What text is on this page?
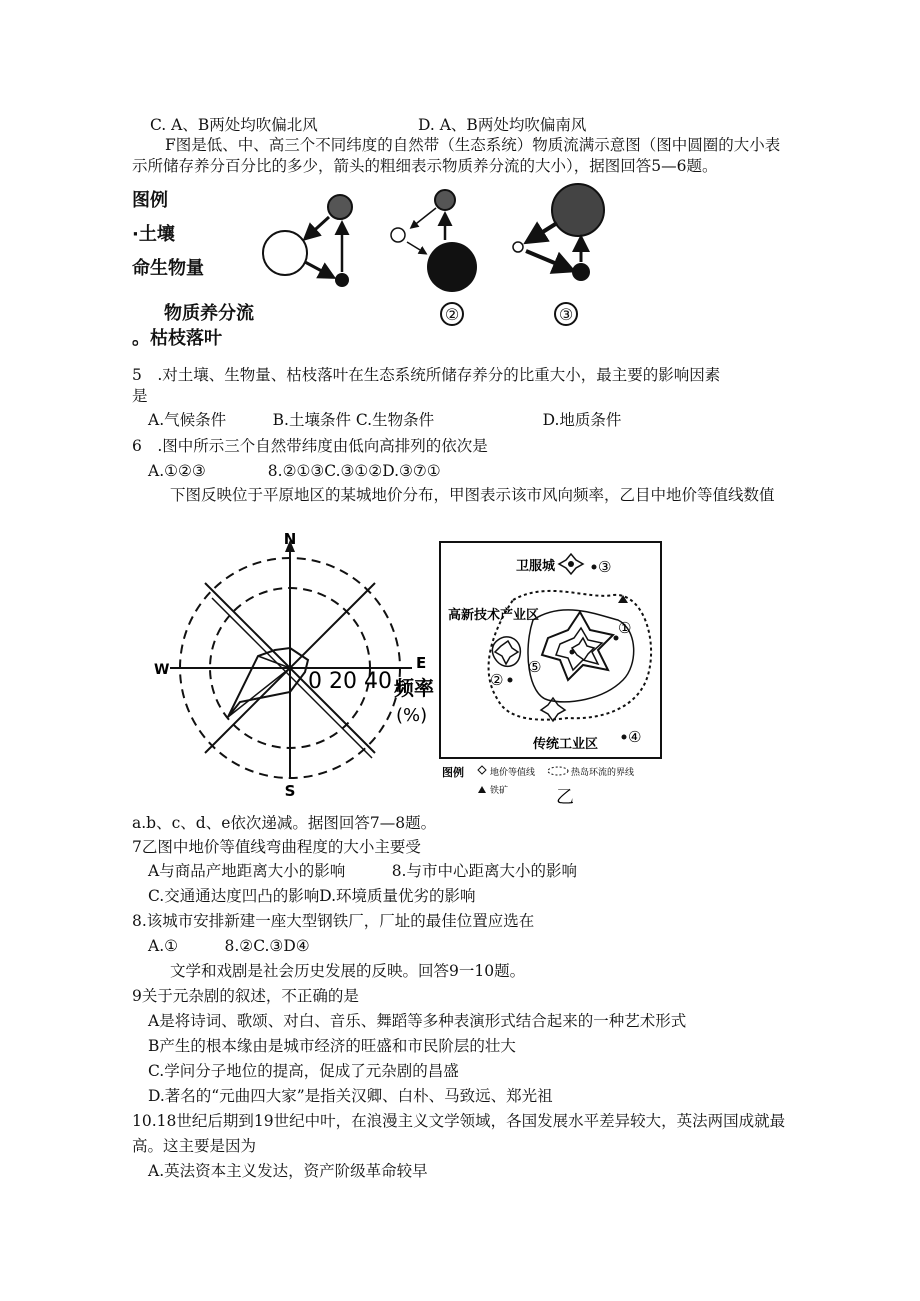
C. A、B两处均吹偏北风	D. A、B两处均吹偏南风
F图是低、中、高三个不同纬度的自然带（生态系统）物质流满示意图（图中圆圈的大小表
示所储存养分百分比的多少，箭头的粗细表示物质养分流的大小），据图回答5—6题。
图例
·土壤
命生物量
物质养分流
。枯枝落叶
②	③
5　.对土壤、生物量、枯枝落叶在生态系统所储存养分的比重大小，最主要的影响因素
是
A.气候条件　　　B.土壤条件 C.生物条件　　　　　　　D.地质条件
6　.图中所示三个自然带纬度由低向高排列的依次是
A.①②③　　　　8.②①③C.③①②D.③⑦①
下图反映位于平原地区的某城地价分布，甲图表示该市风向频率，乙目中地价等值线数值
N
S
E
W	0 20 40 频率
(%)
卫服城	③
高新技术产业区
①
⑤
②
传统工业区 ④
图例	地价等值线	热岛环流的界线
铁矿	乙
a.b、c、d、e依次递减。据图回答7—8题。
7乙图中地价等值线弯曲程度的大小主要受
A与商品产地距离大小的影响　　　8.与市中心距离大小的影响
C.交通通达度凹凸的影响D.环境质量优劣的影响
8.该城市安排新建一座大型钢铁厂，厂址的最佳位置应选在
A.①　　　8.②C.③D④
文学和戏剧是社会历史发展的反映。回答9一10题。
9关于元杂剧的叙述，不正确的是
A是将诗词、歌颂、对白、音乐、舞蹈等多种表演形式结合起来的一种艺术形式
B产生的根本缘由是城市经济的旺盛和市民阶层的壮大
C.学问分子地位的提高，促成了元杂剧的昌盛
D.著名的“元曲四大家”是指关汉卿、白朴、马致远、郑光祖
10.18世纪后期到19世纪中叶，在浪漫主义文学领域，各国发展水平差异较大，英法两国成就最
高。这主要是因为
A.英法资本主义发达，资产阶级革命较早
